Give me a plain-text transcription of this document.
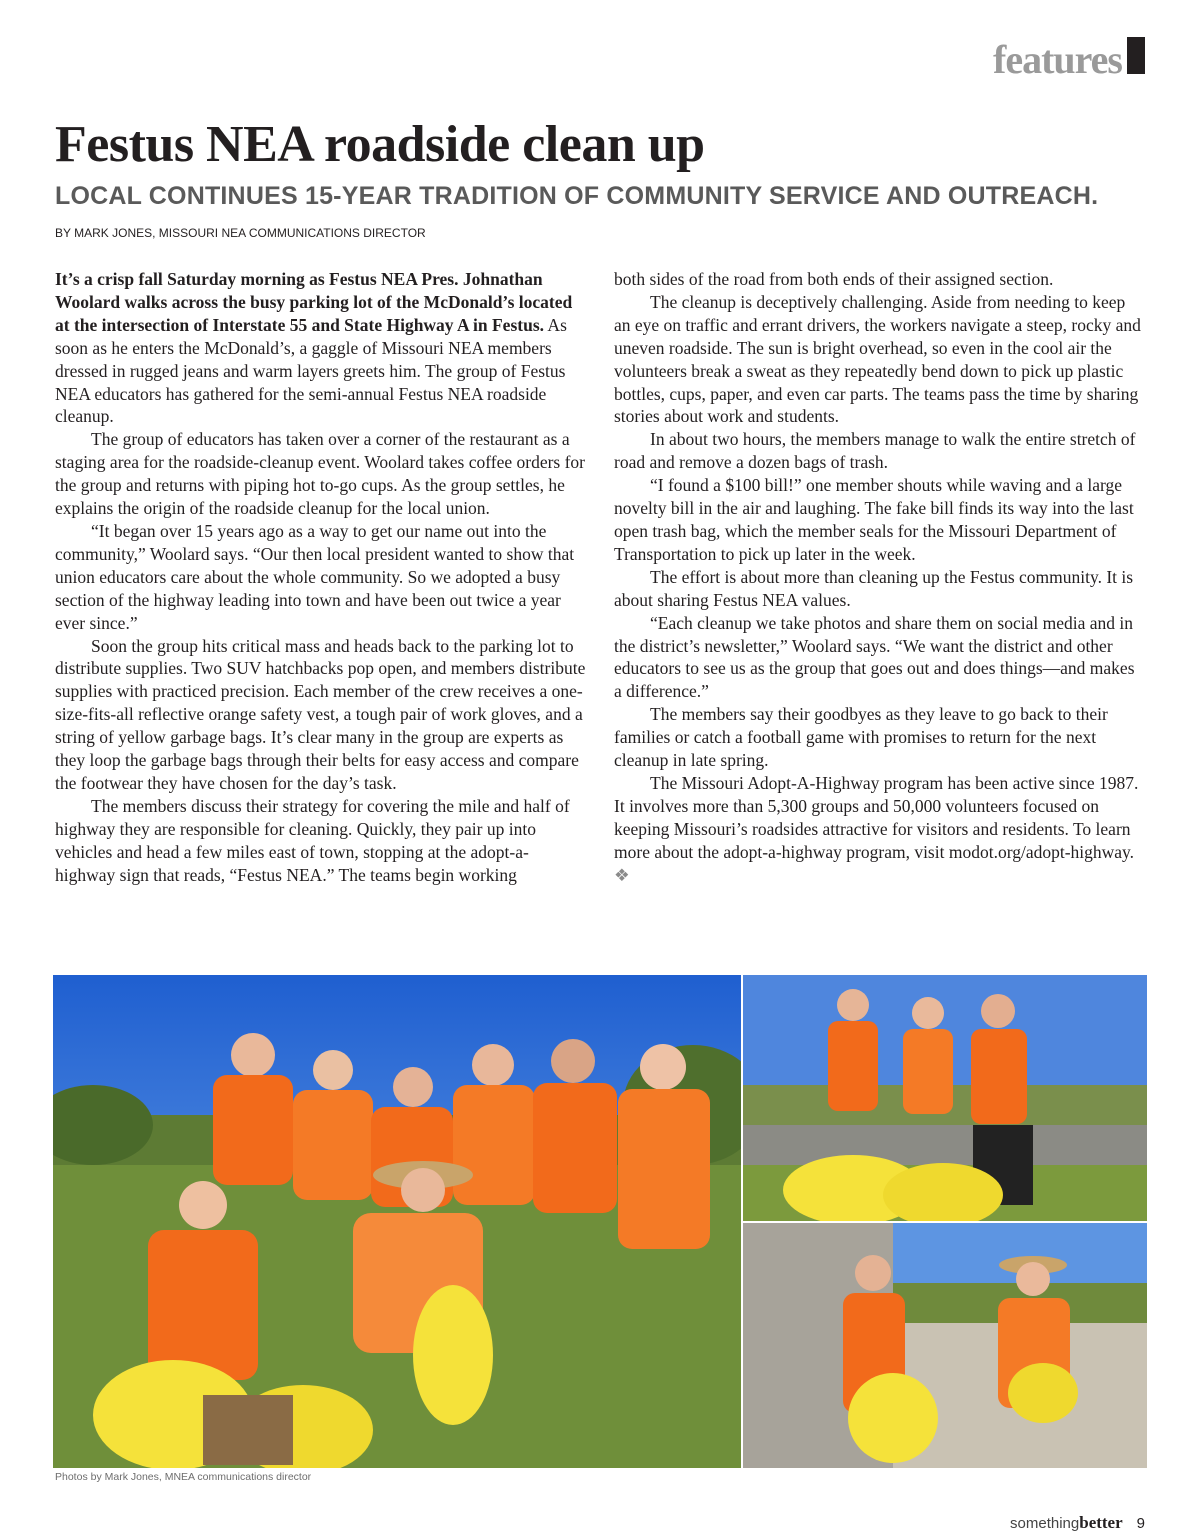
features
Festus NEA roadside clean up
LOCAL CONTINUES 15-YEAR TRADITION OF COMMUNITY SERVICE AND OUTREACH.
BY MARK JONES, MISSOURI NEA COMMUNICATIONS DIRECTOR

It’s a crisp fall Saturday morning as Festus NEA Pres. Johnathan Woolard walks across the busy parking lot of the McDonald’s located at the intersection of Interstate 55 and State Highway A in Festus. As soon as he enters the McDonald’s, a gaggle of Missouri NEA members dressed in rugged jeans and warm layers greets him. The group of Festus NEA educators has gathered for the semi-annual Festus NEA roadside cleanup.

The group of educators has taken over a corner of the restaurant as a staging area for the roadside-cleanup event. Woolard takes coffee orders for the group and returns with piping hot to-go cups. As the group settles, he explains the origin of the roadside cleanup for the local union.

“It began over 15 years ago as a way to get our name out into the community,” Woolard says. “Our then local president wanted to show that union educators care about the whole community. So we adopted a busy section of the highway leading into town and have been out twice a year ever since.”

Soon the group hits critical mass and heads back to the parking lot to distribute supplies. Two SUV hatchbacks pop open, and members distribute supplies with practiced precision. Each member of the crew receives a one-size-fits-all reflective orange safety vest, a tough pair of work gloves, and a string of yellow garbage bags. It’s clear many in the group are experts as they loop the garbage bags through their belts for easy access and compare the footwear they have chosen for the day’s task.

The members discuss their strategy for covering the mile and half of highway they are responsible for cleaning. Quickly, they pair up into vehicles and head a few miles east of town, stopping at the adopt-a-highway sign that reads, “Festus NEA.” The teams begin working

both sides of the road from both ends of their assigned section.

The cleanup is deceptively challenging. Aside from needing to keep an eye on traffic and errant drivers, the workers navigate a steep, rocky and uneven roadside. The sun is bright overhead, so even in the cool air the volunteers break a sweat as they repeatedly bend down to pick up plastic bottles, cups, paper, and even car parts. The teams pass the time by sharing stories about work and students.

In about two hours, the members manage to walk the entire stretch of road and remove a dozen bags of trash.

“I found a $100 bill!” one member shouts while waving and a large novelty bill in the air and laughing. The fake bill finds its way into the last open trash bag, which the member seals for the Missouri Department of Transportation to pick up later in the week.

The effort is about more than cleaning up the Festus community. It is about sharing Festus NEA values.

“Each cleanup we take photos and share them on social media and in the district’s newsletter,” Woolard says. “We want the district and other educators to see us as the group that goes out and does things—and makes a difference.”

The members say their goodbyes as they leave to go back to their families or catch a football game with promises to return for the next cleanup in late spring.

The Missouri Adopt-A-Highway program has been active since 1987. It involves more than 5,300 groups and 50,000 volunteers focused on keeping Missouri’s roadsides attractive for visitors and residents. To learn more about the adopt-a-highway program, visit modot.org/adopt-highway. ❖

Photos by Mark Jones, MNEA communications director
somethingbetter 9
